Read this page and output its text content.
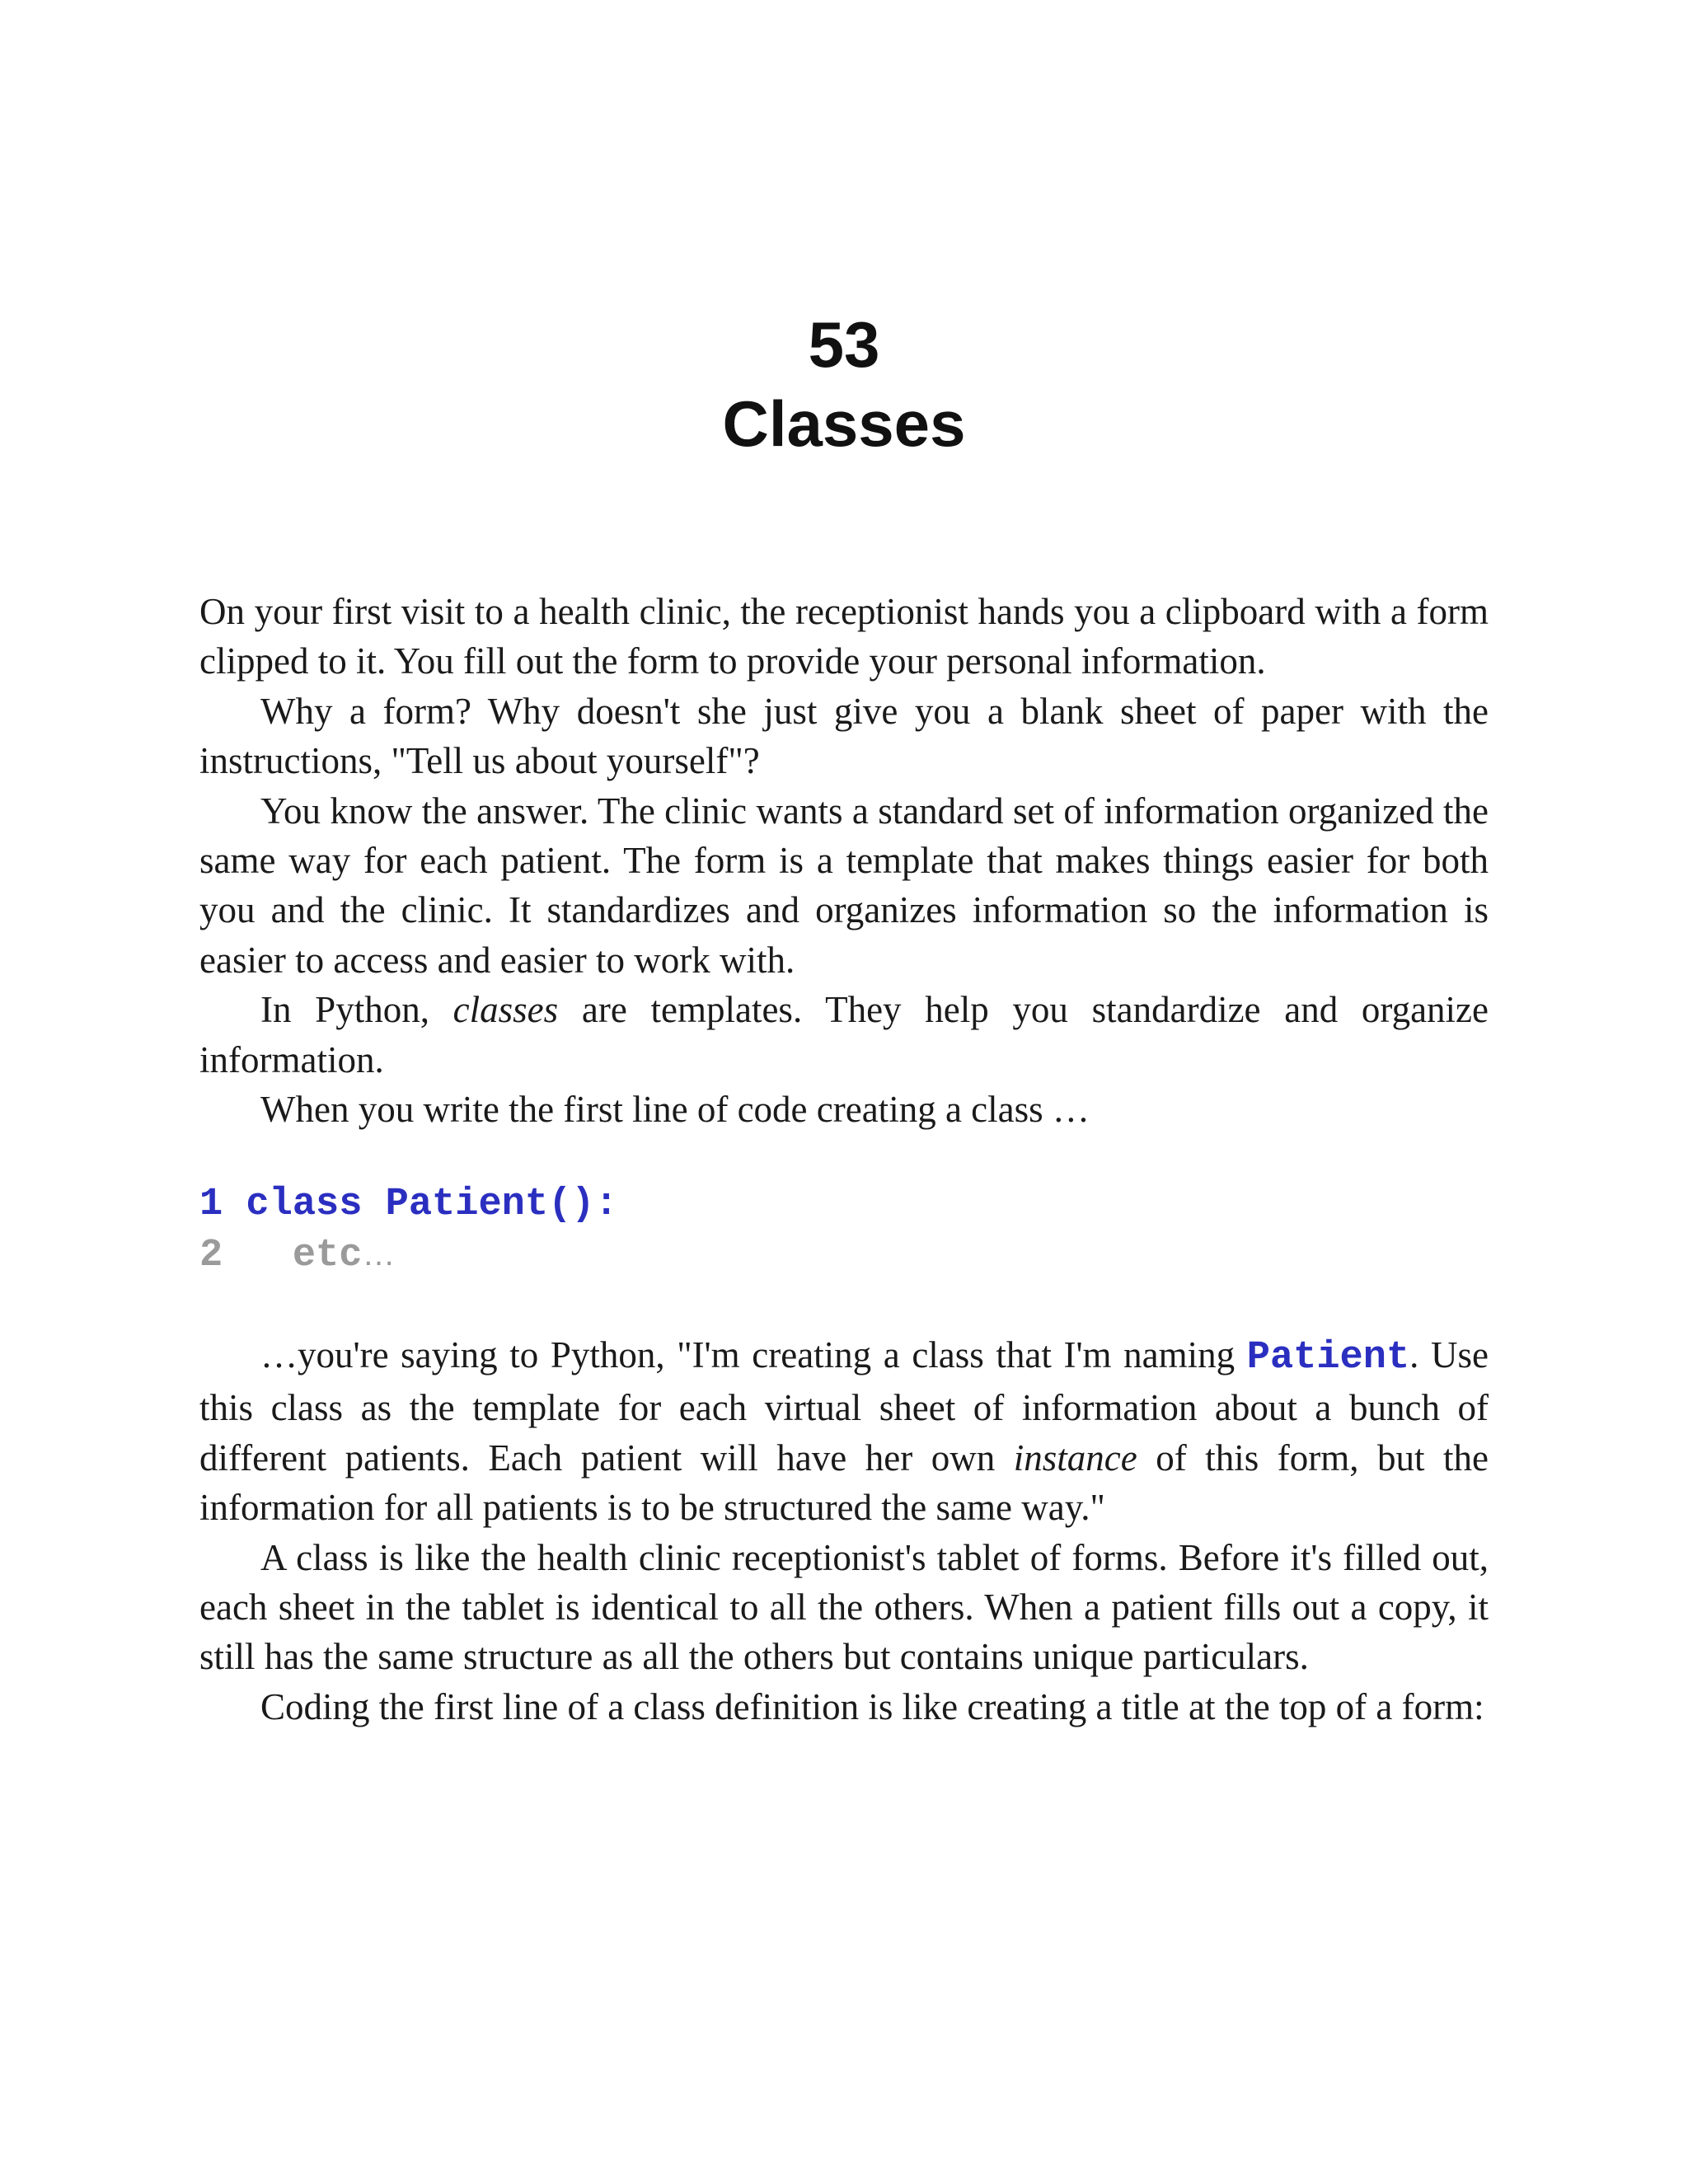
53
Classes

On your first visit to a health clinic, the receptionist hands you a clipboard with a form clipped to it. You fill out the form to provide your personal information.

Why a form? Why doesn't she just give you a blank sheet of paper with the instructions, "Tell us about yourself"?

You know the answer. The clinic wants a standard set of information organized the same way for each patient. The form is a template that makes things easier for both you and the clinic. It standardizes and organizes information so the information is easier to access and easier to work with.

In Python, classes are templates. They help you standardize and organize information.

When you write the first line of code creating a class …

1 class Patient():
2   etc…

…you're saying to Python, "I'm creating a class that I'm naming Patient. Use this class as the template for each virtual sheet of information about a bunch of different patients. Each patient will have her own instance of this form, but the information for all patients is to be structured the same way."

A class is like the health clinic receptionist's tablet of forms. Before it's filled out, each sheet in the tablet is identical to all the others. When a patient fills out a copy, it still has the same structure as all the others but contains unique particulars.

Coding the first line of a class definition is like creating a title at the top of a form:
